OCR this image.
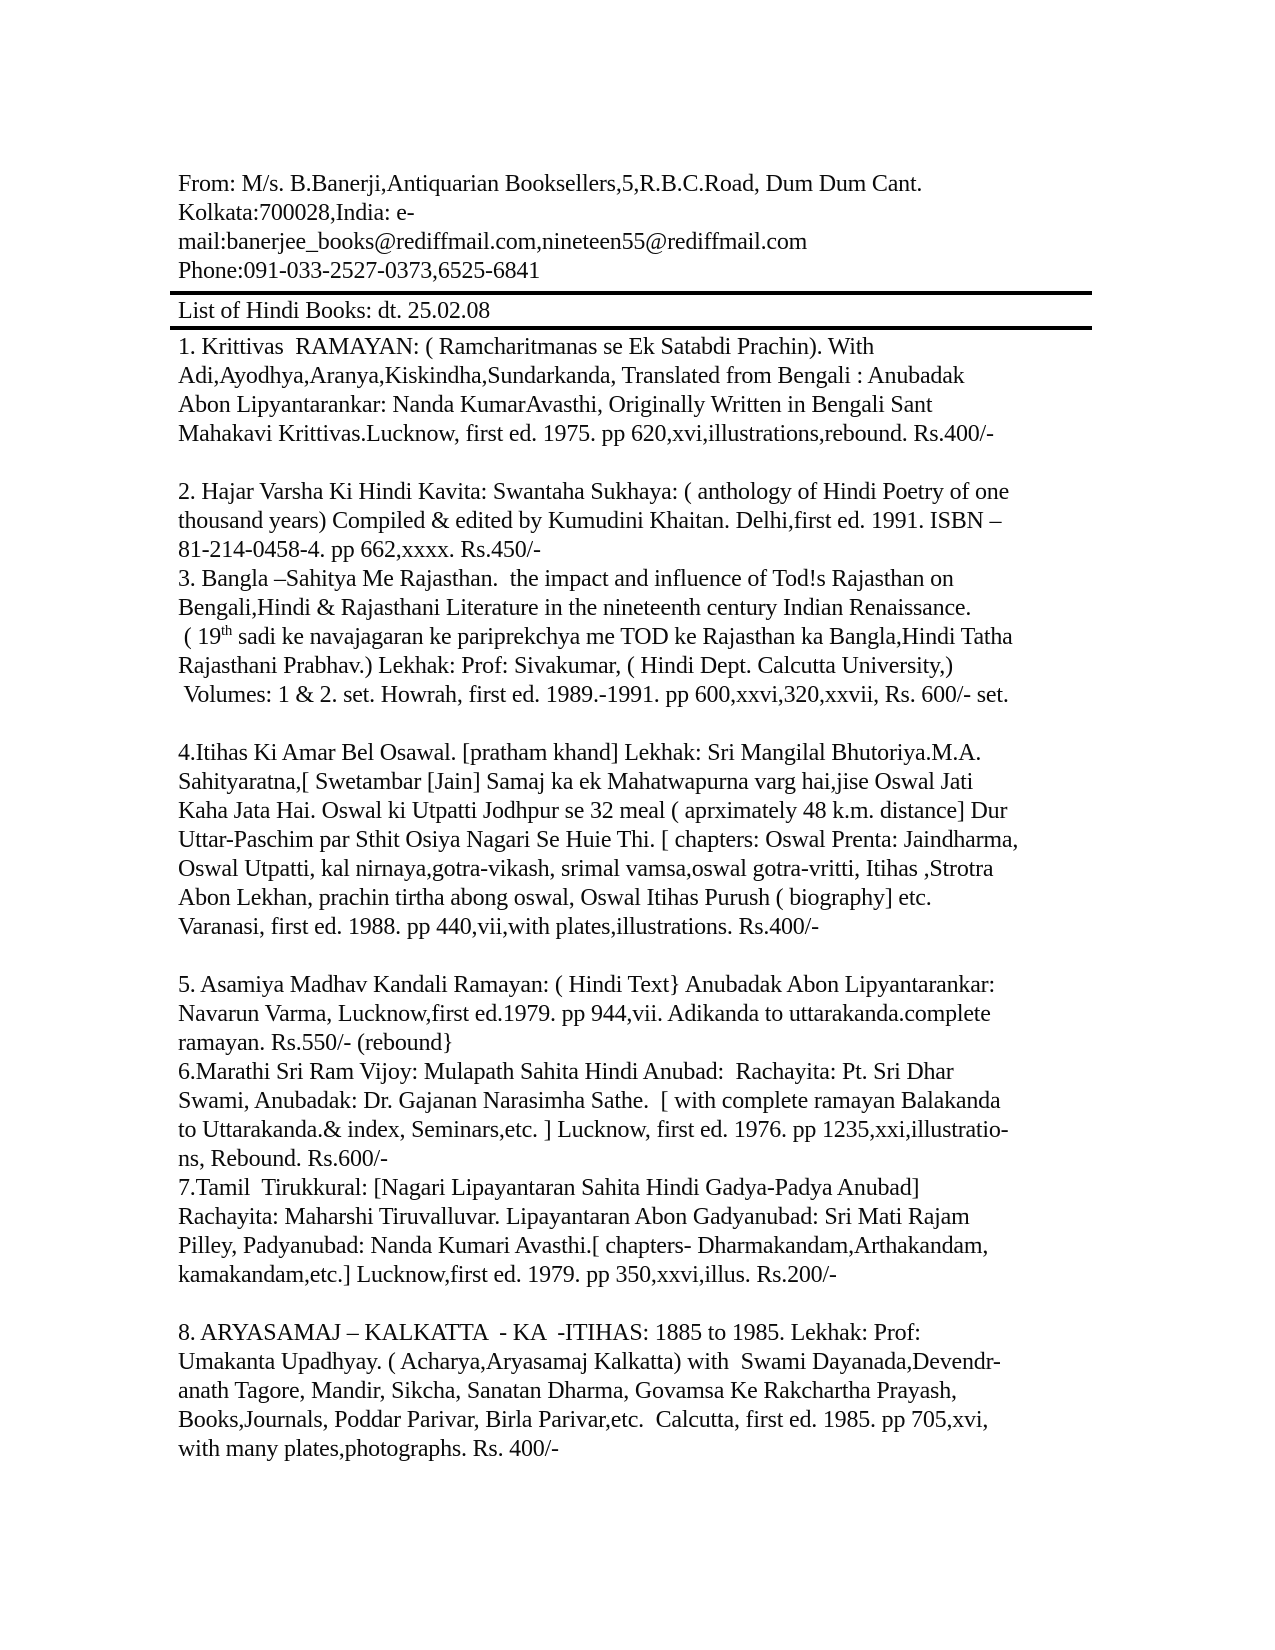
From: M/s. B.Banerji,Antiquarian Booksellers,5,R.B.C.Road, Dum Dum Cant.
Kolkata:700028,India: e-
mail:banerjee_books@rediffmail.com,nineteen55@rediffmail.com
Phone:091-033-2527-0373,6525-6841
List of Hindi Books: dt. 25.02.08
1. Krittivas  RAMAYAN: ( Ramcharitmanas se Ek Satabdi Prachin). With
Adi,Ayodhya,Aranya,Kiskindha,Sundarkanda, Translated from Bengali : Anubadak
Abon Lipyantarankar: Nanda KumarAvasthi, Originally Written in Bengali Sant
Mahakavi Krittivas.Lucknow, first ed. 1975. pp 620,xvi,illustrations,rebound. Rs.400/-
2. Hajar Varsha Ki Hindi Kavita: Swantaha Sukhaya: ( anthology of Hindi Poetry of one
thousand years) Compiled & edited by Kumudini Khaitan. Delhi,first ed. 1991. ISBN –
81-214-0458-4. pp 662,xxxx. Rs.450/-
3. Bangla –Sahitya Me Rajasthan.  the impact and influence of Tod!s Rajasthan on
Bengali,Hindi & Rajasthani Literature in the nineteenth century Indian Renaissance.
( 19th sadi ke navajagaran ke pariprekchya me TOD ke Rajasthan ka Bangla,Hindi Tatha
Rajasthani Prabhav.) Lekhak: Prof: Sivakumar, ( Hindi Dept. Calcutta University,)
Volumes: 1 & 2. set. Howrah, first ed. 1989.-1991. pp 600,xxvi,320,xxvii, Rs. 600/- set.
4.Itihas Ki Amar Bel Osawal. [pratham khand] Lekhak: Sri Mangilal Bhutoriya.M.A.
Sahityaratna,[ Swetambar [Jain] Samaj ka ek Mahatwapurna varg hai,jise Oswal Jati
Kaha Jata Hai. Oswal ki Utpatti Jodhpur se 32 meal ( aprximately 48 k.m. distance] Dur
Uttar-Paschim par Sthit Osiya Nagari Se Huie Thi. [ chapters: Oswal Prenta: Jaindharma,
Oswal Utpatti, kal nirnaya,gotra-vikash, srimal vamsa,oswal gotra-vritti, Itihas ,Strotra
Abon Lekhan, prachin tirtha abong oswal, Oswal Itihas Purush ( biography] etc.
Varanasi, first ed. 1988. pp 440,vii,with plates,illustrations. Rs.400/-
5. Asamiya Madhav Kandali Ramayan: ( Hindi Text} Anubadak Abon Lipyantarankar:
Navarun Varma, Lucknow,first ed.1979. pp 944,vii. Adikanda to uttarakanda.complete
ramayan. Rs.550/- (rebound}
6.Marathi Sri Ram Vijoy: Mulapath Sahita Hindi Anubad:  Rachayita: Pt. Sri Dhar
Swami, Anubadak: Dr. Gajanan Narasimha Sathe.  [ with complete ramayan Balakanda
to Uttarakanda.& index, Seminars,etc. ] Lucknow, first ed. 1976. pp 1235,xxi,illustratio-
ns, Rebound. Rs.600/-
7.Tamil  Tirukkural: [Nagari Lipayantaran Sahita Hindi Gadya-Padya Anubad]
Rachayita: Maharshi Tiruvalluvar. Lipayantaran Abon Gadyanubad: Sri Mati Rajam
Pilley, Padyanubad: Nanda Kumari Avasthi.[ chapters- Dharmakandam,Arthakandam,
kamakandam,etc.] Lucknow,first ed. 1979. pp 350,xxvi,illus. Rs.200/-
8. ARYASAMAJ – KALKATTA  - KA  -ITIHAS: 1885 to 1985. Lekhak: Prof:
Umakanta Upadhyay. ( Acharya,Aryasamaj Kalkatta) with  Swami Dayanada,Devendr-
anath Tagore, Mandir, Sikcha, Sanatan Dharma, Govamsa Ke Rakchartha Prayash,
Books,Journals, Poddar Parivar, Birla Parivar,etc.  Calcutta, first ed. 1985. pp 705,xvi,
with many plates,photographs. Rs. 400/-
